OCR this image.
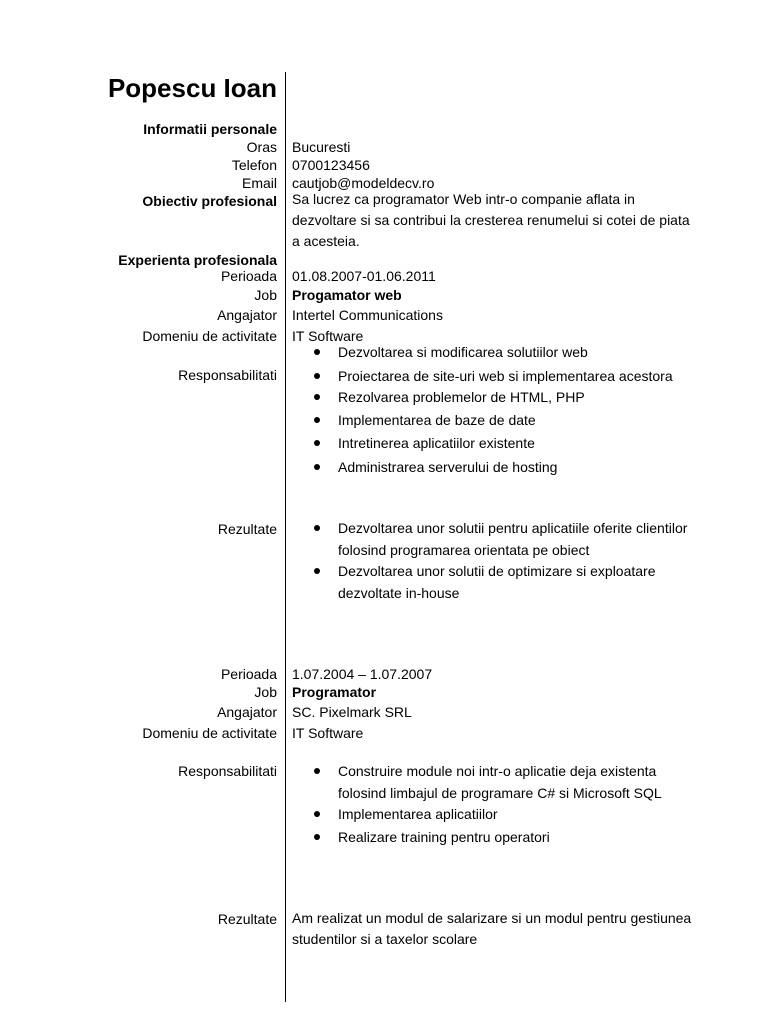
Popescu Ioan
Informatii personale
Oras Bucuresti
Telefon 0700123456
Email cautjob@modeldecv.ro
Obiectiv profesional Sa lucrez ca programator Web intr-o companie aflata in dezvoltare si sa contribui la cresterea renumelui si cotei de piata a acesteia.
Experienta profesionala
Perioada 01.08.2007-01.06.2011
Job Progamator web
Angajator Intertel Communications
Domeniu de activitate IT Software
Responsabilitati
Dezvoltarea si modificarea solutiilor web
Proiectarea de site-uri web si implementarea acestora
Rezolvarea problemelor de HTML, PHP
Implementarea de baze de date
Intretinerea aplicatiilor existente
Administrarea serverului de hosting
Rezultate	Dezvoltarea unor solutii pentru aplicatiile oferite clientilor folosind programarea orientata pe obiect
Dezvoltarea unor solutii de optimizare si exploatare dezvoltate in-house
Perioada 1.07.2004 – 1.07.2007
Job Programator
Angajator SC. Pixelmark SRL
Domeniu de activitate IT Software
Responsabilitati	Construire module noi intr-o aplicatie deja existenta folosind limbajul de programare C# si Microsoft SQL
Implementarea aplicatiilor
Realizare training pentru operatori
Rezultate Am realizat un modul de salarizare si un modul pentru gestiunea studentilor si a taxelor scolare
